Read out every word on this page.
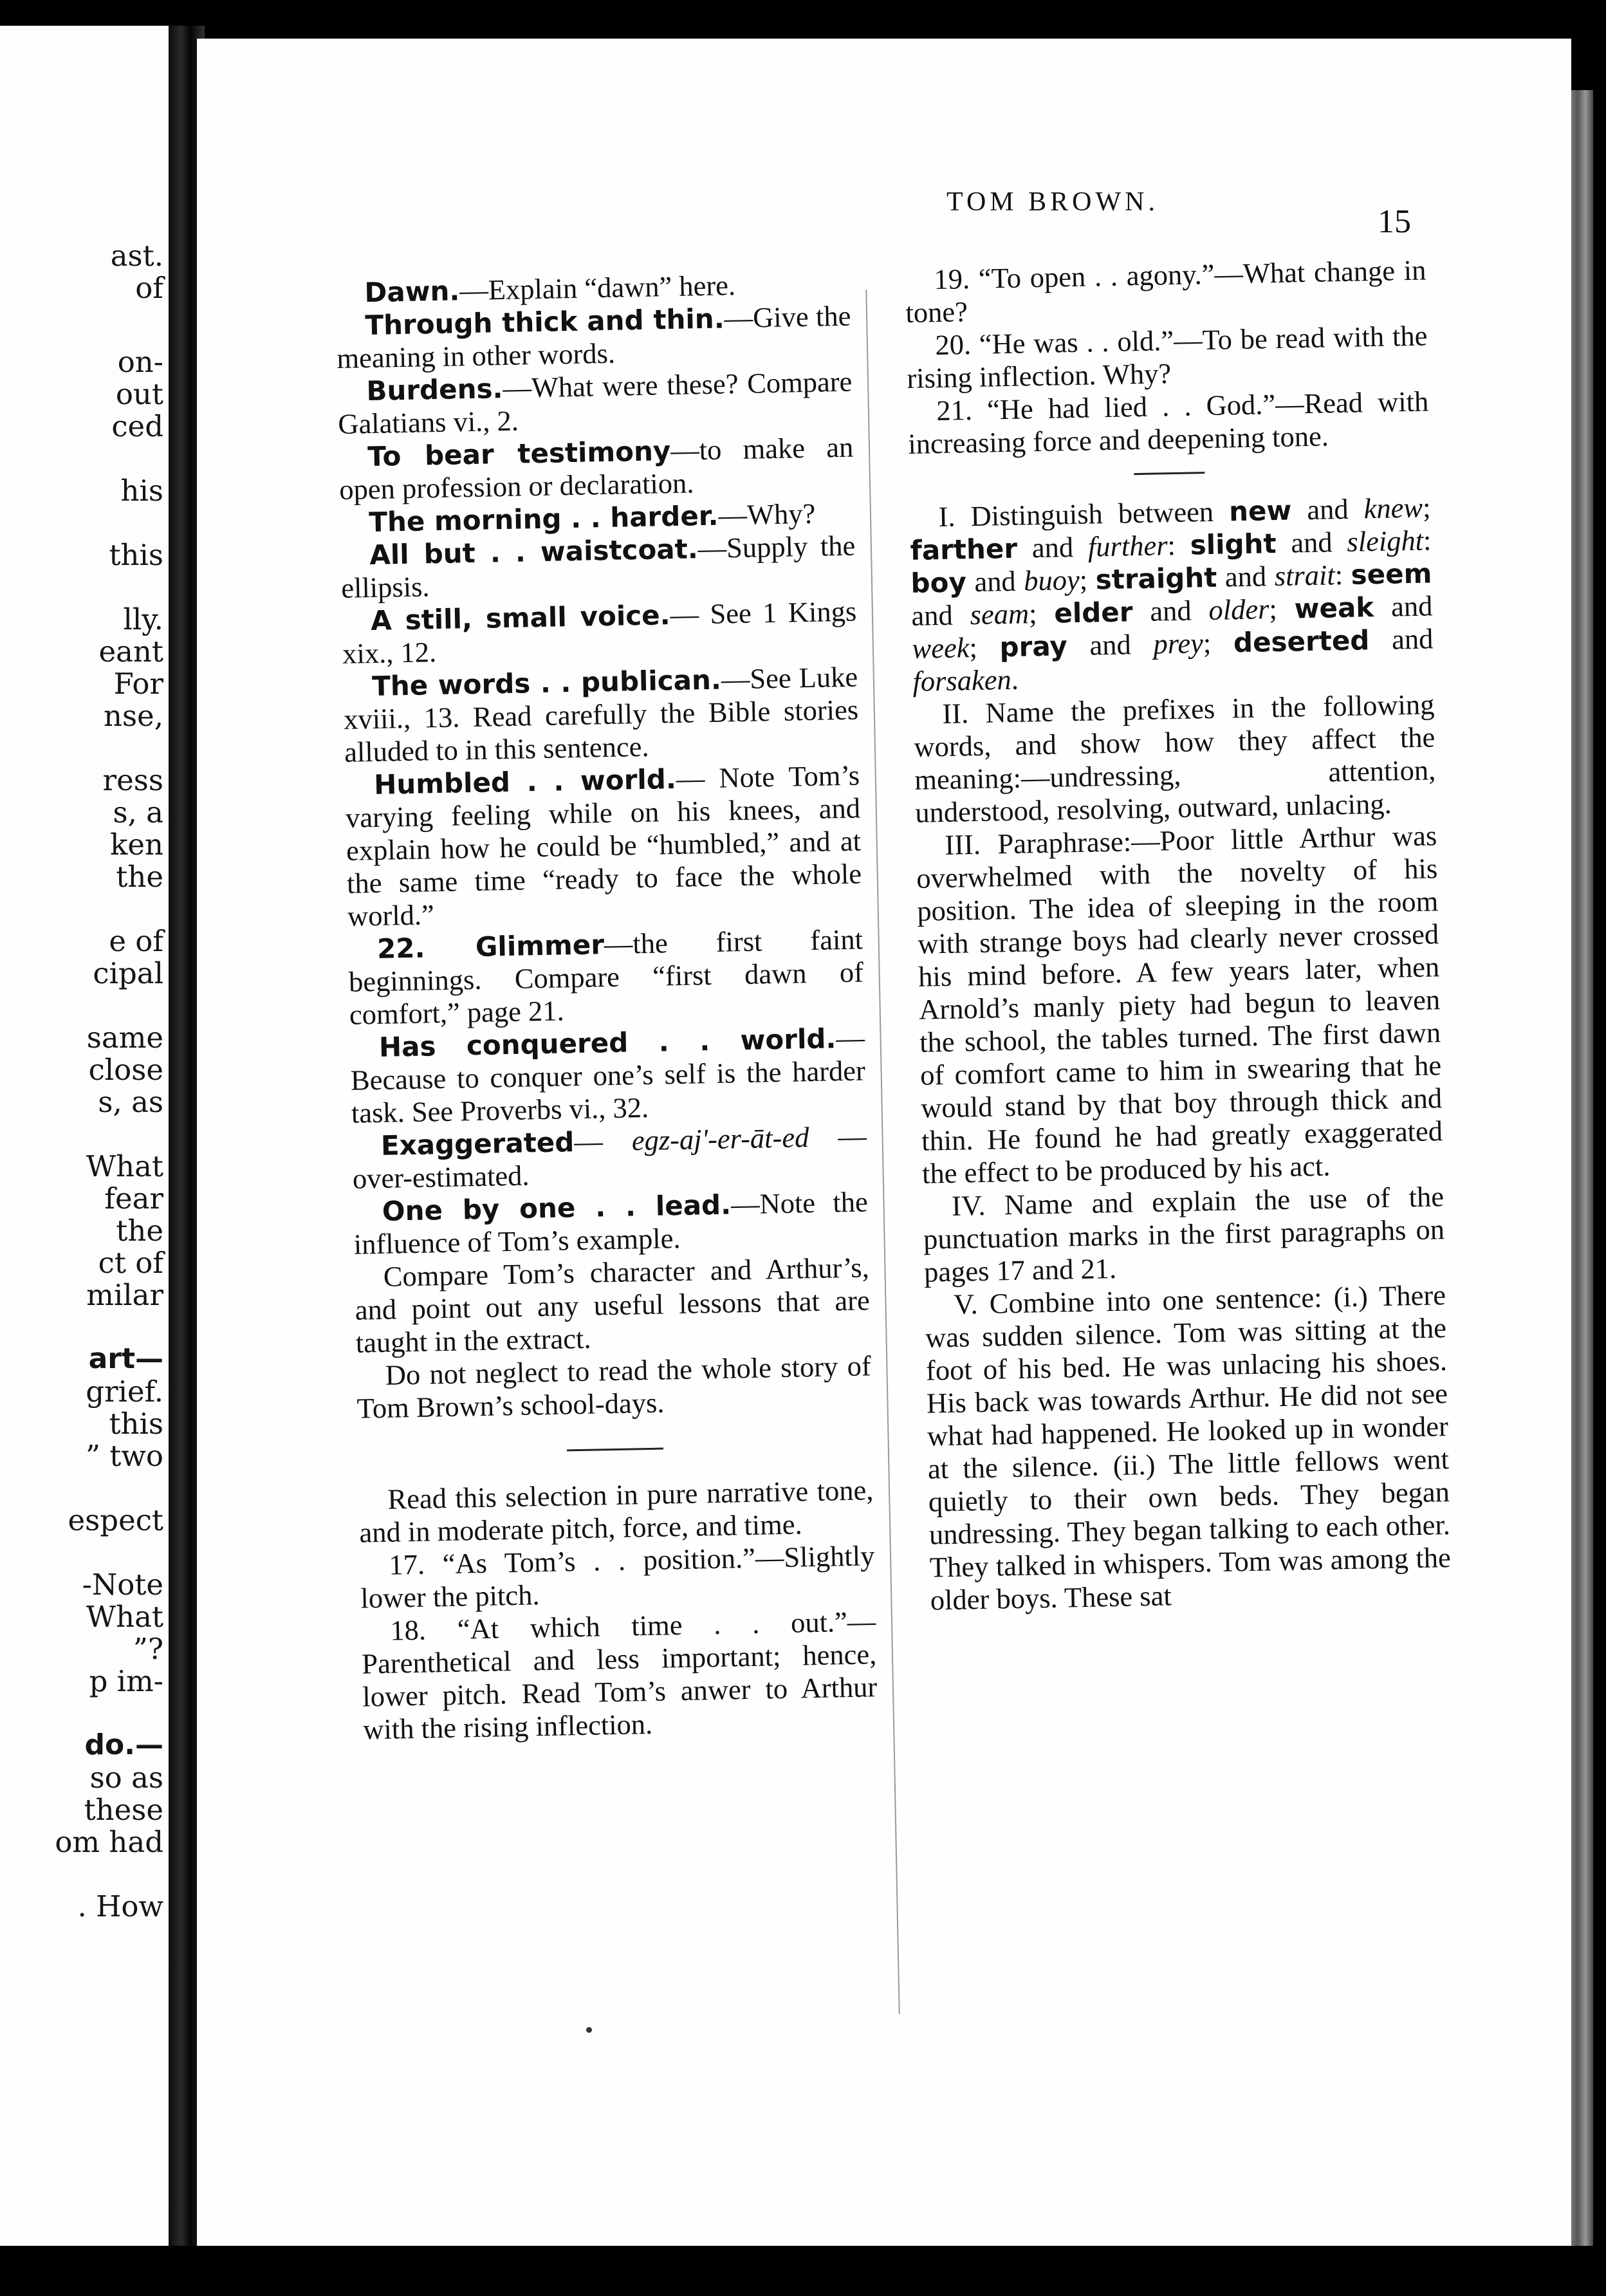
ast.
of
on-
out
ced
his
this
lly.
eant
For
nse,
ress
s, a
ken
the
e of
cipal
same
close
s, as
What
fear
the
ct of
milar
art—
grief.
this
” two
espect
-Note
What
”?
p im-
do.—
so as
these
om had
. How
TOM BROWN.
15

Dawn.—Explain “dawn” here.

Through thick and thin.—Give the meaning in other words.

Burdens.—What were these? Compare Galatians vi., 2.

To bear testimony—to make an open profession or declaration.

The morning . . harder.—Why?

All but . . waistcoat.—Supply the ellipsis.

A still, small voice.— See 1 Kings xix., 12.

The words . . publican.—See Luke xviii., 13. Read carefully the Bible stories alluded to in this sentence.

Humbled . . world.— Note Tom’s varying feeling while on his knees, and explain how he could be “humbled,” and at the same time “ready to face the whole world.”

22. Glimmer—the first faint beginnings. Compare “first dawn of comfort,” page 21.

Has conquered . . world.—Because to conquer one’s self is the harder task. See Proverbs vi., 32.

Exaggerated— egz-aj'-er-āt-ed —over-estimated.

One by one . . lead.—Note the influence of Tom’s example.

Compare Tom’s character and Arthur’s, and point out any useful lessons that are taught in the extract.

Do not neglect to read the whole story of Tom Brown’s school-days.

Read this selection in pure narrative tone, and in moderate pitch, force, and time.

17. “As Tom’s . . position.”—Slightly lower the pitch.

18. “At which time . . out.”—Parenthetical and less important; hence, lower pitch. Read Tom’s anwer to Arthur with the rising inflection.

19. “To open . . agony.”—What change in tone?

20. “He was . . old.”—To be read with the rising inflection. Why?

21. “He had lied . . God.”—Read with increasing force and deepening tone.

I. Distinguish between new and knew; farther and further: slight and sleight: boy and buoy; straight and strait: seem and seam; elder and older; weak and week; pray and prey; deserted and forsaken.

II. Name the prefixes in the following words, and show how they affect the meaning:—undressing, attention, understood, resolving, outward, unlacing.

III. Paraphrase:—Poor little Arthur was overwhelmed with the novelty of his position. The idea of sleeping in the room with strange boys had clearly never crossed his mind before. A few years later, when Arnold’s manly piety had begun to leaven the school, the tables turned. The first dawn of comfort came to him in swearing that he would stand by that boy through thick and thin. He found he had greatly exaggerated the effect to be produced by his act.

IV. Name and explain the use of the punctuation marks in the first paragraphs on pages 17 and 21.

V. Combine into one sentence: (i.) There was sudden silence. Tom was sitting at the foot of his bed. He was unlacing his shoes. His back was towards Arthur. He did not see what had happened. He looked up in wonder at the silence. (ii.) The little fellows went quietly to their own beds. They began undressing. They began talking to each other. They talked in whispers. Tom was among the older boys. These sat
